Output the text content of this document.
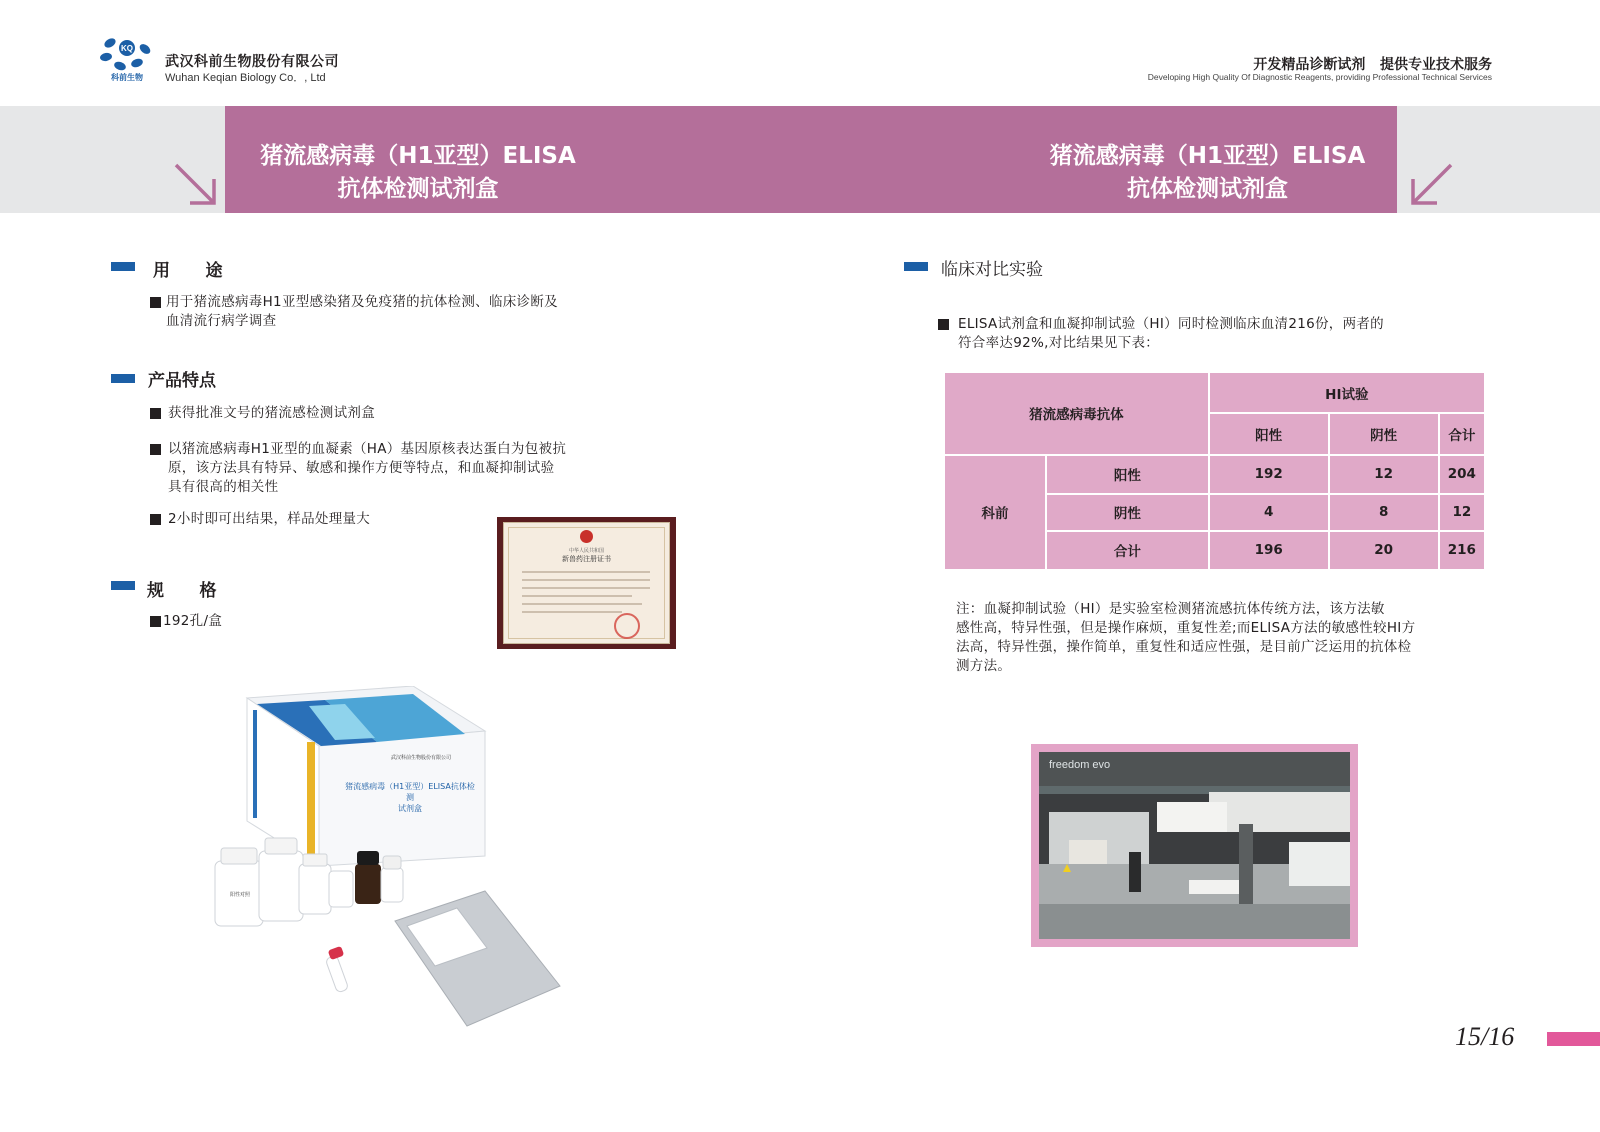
KQ
科前生物
武汉科前生物股份有限公司
Wuhan Keqian Biology Co．, Ltd
开发精品诊断试剂   提供专业技术服务
Developing High Quality Of Diagnostic Reagents, providing Professional Technical Services
猪流感病毒（H1亚型）ELISA
抗体检测试剂盒
猪流感病毒（H1亚型）ELISA
抗体检测试剂盒
用      途
用于猪流感病毒H1亚型感染猪及免疫猪的抗体检测、临床诊断及
血清流行病学调查
产品特点
获得批准文号的猪流感检测试剂盒
以猪流感病毒H1亚型的血凝素（HA）基因原核表达蛋白为包被抗
原，该方法具有特异、敏感和操作方便等特点，和血凝抑制试验
具有很高的相关性
2小时即可出结果，样品处理量大
中华人民共和国
新兽药注册证书
规      格
192孔/盒
猪流感病毒（H1亚型）ELISA抗体检测
试剂盒
武汉科前生物股份有限公司
阳性对照
临床对比实验
ELISA试剂盒和血凝抑制试验（HI）同时检测临床血清216份，两者的
符合率达92%,对比结果见下表：
猪流感病毒抗体		HI试验		
		阳性	阴性	合计
科前	阳性	192	12	204
	阴性	4	8	12
	合计	196	20	216
注：血凝抑制试验（HI）是实验室检测猪流感抗体传统方法，该方法敏
感性高，特异性强，但是操作麻烦，重复性差;而ELISA方法的敏感性较HI方
法高，特异性强，操作简单，重复性和适应性强，是目前广泛运用的抗体检
测方法。
freedom evo
15/16
